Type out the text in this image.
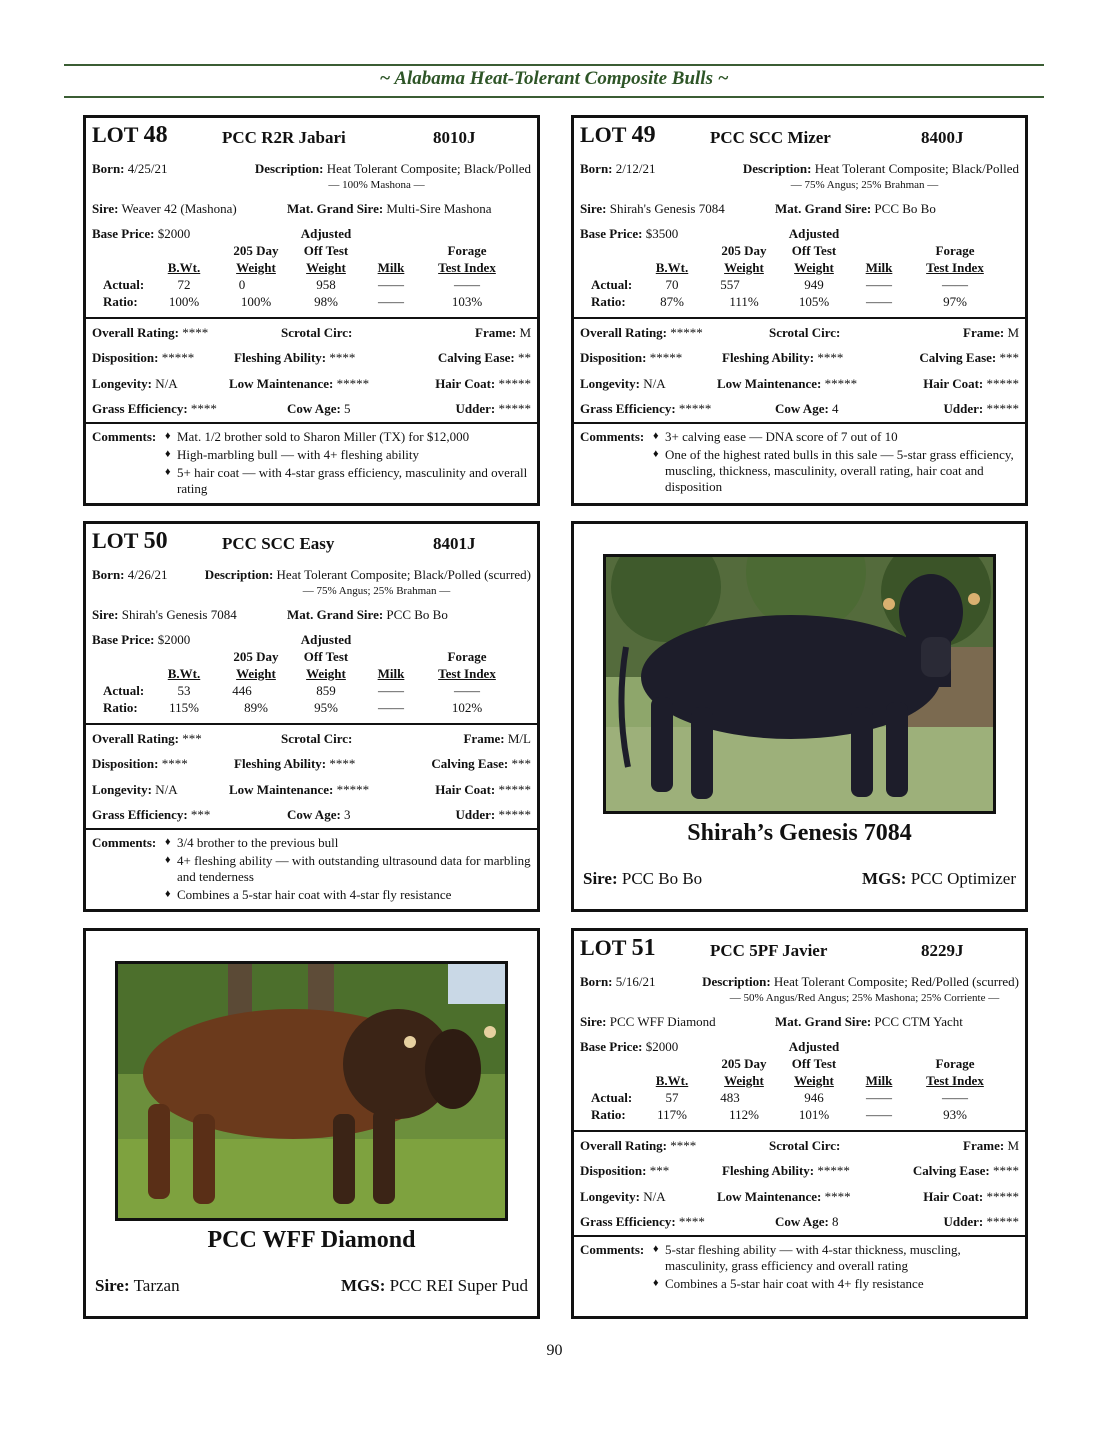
~ Alabama Heat-Tolerant Composite Bulls ~
LOT 48	PCC R2R Jabari	8010J
Born: 4/25/21	Description: Heat Tolerant Composite; Black/Polled
— 100% Mashona —
Sire: Weaver 42 (Mashona)	Mat. Grand Sire: Multi-Sire Mashona
Base Price: $2000	Adjusted
205 Day	Off Test	Forage
B.Wt.	Weight	Weight	Milk	Test Index
Actual:	72	0	958	——	——
Ratio:	100%	100%	98%	——	103%
Overall Rating: ****	Scrotal Circ:	Frame: M
Disposition: *****	Fleshing Ability: ****	Calving Ease: **
Longevity: N/A	Low Maintenance: *****	Hair Coat: *****
Grass Efficiency: ****	Cow Age: 5	Udder: *****
Comments: ♦ Mat. 1/2 brother sold to Sharon Miller (TX) for $12,000
♦ High-marbling bull — with 4+ fleshing ability
♦ 5+ hair coat — with 4-star grass efficiency, masculinity and overall rating
LOT 49	PCC SCC Mizer	8400J
Born: 2/12/21	Description: Heat Tolerant Composite; Black/Polled
— 75% Angus; 25% Brahman —
Sire: Shirah's Genesis 7084	Mat. Grand Sire: PCC Bo Bo
Base Price: $3500	Adjusted
205 Day	Off Test	Forage
B.Wt.	Weight	Weight	Milk	Test Index
Actual:	70	557	949	——	——
Ratio:	87%	111%	105%	——	97%
Overall Rating: *****	Scrotal Circ:	Frame: M
Disposition: *****	Fleshing Ability: ****	Calving Ease: ***
Longevity: N/A	Low Maintenance: *****	Hair Coat: *****
Grass Efficiency: *****	Cow Age: 4	Udder: *****
Comments: ♦ 3+ calving ease — DNA score of 7 out of 10
♦ One of the highest rated bulls in this sale — 5-star grass efficiency, muscling, thickness, masculinity, overall rating, hair coat and disposition
LOT 50	PCC SCC Easy	8401J
Born: 4/26/21	Description: Heat Tolerant Composite; Black/Polled (scurred)
— 75% Angus; 25% Brahman —
Sire: Shirah's Genesis 7084	Mat. Grand Sire: PCC Bo Bo
Base Price: $2000	Adjusted
205 Day	Off Test	Forage
B.Wt.	Weight	Weight	Milk	Test Index
Actual:	53	446	859	——	——
Ratio:	115%	89%	95%	——	102%
Overall Rating: ***	Scrotal Circ:	Frame: M/L
Disposition: ****	Fleshing Ability: ****	Calving Ease: ***
Longevity: N/A	Low Maintenance: *****	Hair Coat: *****
Grass Efficiency: ***	Cow Age: 3	Udder: *****
Comments: ♦ 3/4 brother to the previous bull
♦ 4+ fleshing ability — with outstanding ultrasound data for marbling and tenderness
♦ Combines a 5-star hair coat with 4-star fly resistance
LOT 51	PCC 5PF Javier	8229J
Born: 5/16/21	Description: Heat Tolerant Composite; Red/Polled (scurred)
— 50% Angus/Red Angus; 25% Mashona; 25% Corriente —
Sire: PCC WFF Diamond	Mat. Grand Sire: PCC CTM Yacht
Base Price: $2000	Adjusted
205 Day	Off Test	Forage
B.Wt.	Weight	Weight	Milk	Test Index
Actual:	57	483	946	——	——
Ratio:	117%	112%	101%	——	93%
Overall Rating: ****	Scrotal Circ:	Frame: M
Disposition: ***	Fleshing Ability: *****	Calving Ease: ****
Longevity: N/A	Low Maintenance: ****	Hair Coat: *****
Grass Efficiency: ****	Cow Age: 8	Udder: *****
Comments: ♦ 5-star fleshing ability — with 4-star thickness, muscling, masculinity, grass efficiency and overall rating
♦ Combines a 5-star hair coat with 4+ fly resistance
Shirah’s Genesis 7084
Sire: PCC Bo Bo	MGS: PCC Optimizer
PCC WFF Diamond
Sire: Tarzan	MGS: PCC REI Super Pud
90
